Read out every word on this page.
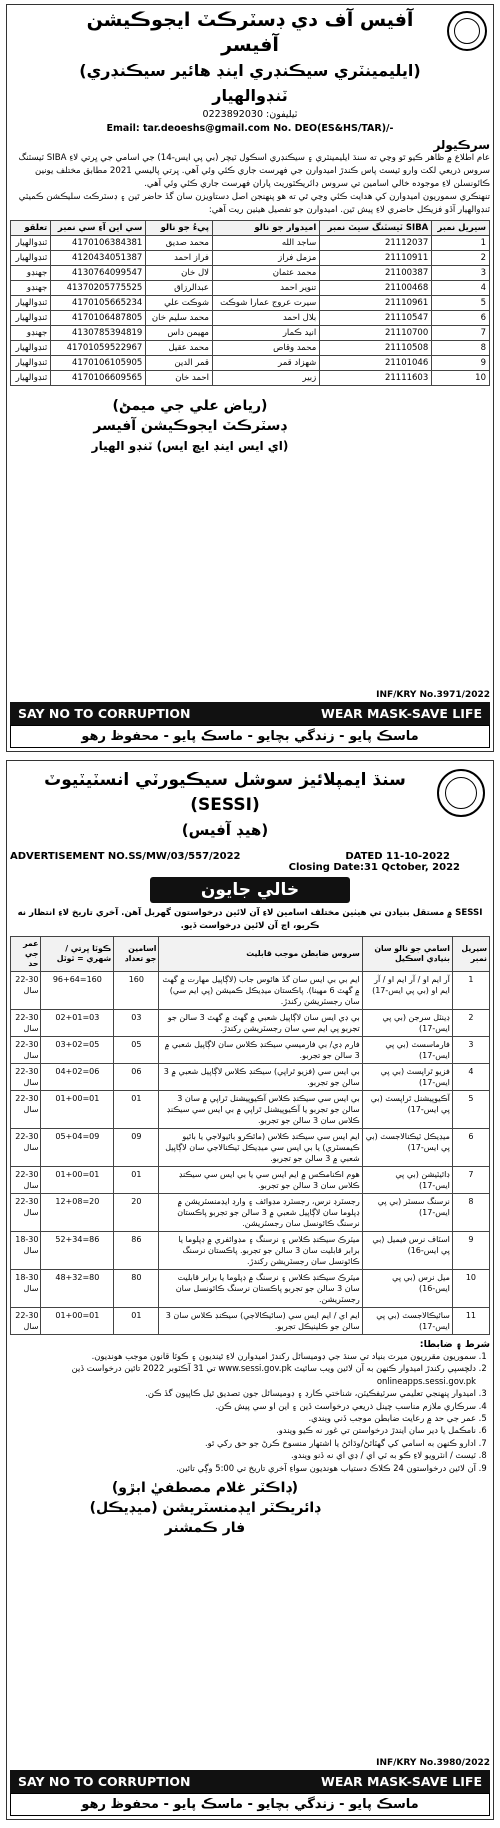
آفيس آف دي ڊسٽرڪٽ ايجوڪيشن آفيسر
(ايليمينٽري سيڪنڊري اينڊ هائير سيڪنڊري)
ٽنڊوالهيار
ٽيليفون: 0223892030
Email: tar.deoeshs@gmail.com No. DEO(ES&HS/TAR)/-
سرڪيولر
عام اطلاع ۾ ظاهر ڪيو ٿو وڃي ته سنڌ ايليمينٽري ۽ سيڪنڊري اسڪول ٽيچر (بي پي ايس-14) جي اسامي جي ڀرتي لاءِ SIBA ٽيسٽنگ سروس ذريعي لکت وارو ٽيسٽ پاس ڪندڙ اميدوارن جي فهرست جاري ڪئي وئي آهي. ڀرتي پاليسي 2021 مطابق مختلف يونين ڪائونسلن لاءِ موجوده خالي اسامين تي سروس ڊائريڪٽوريٽ پاران فهرست جاري ڪئي وئي آهي.
تنهنڪري سموريون اميدوارن کي هدايت ڪئي وڃي ٿي ته هو پنهنجن اصل دستاويزن سان گڏ حاضر ٿين ۽ ڊسٽرڪٽ سليڪشن ڪميٽي ٽنڊوالهيار آڏو فزيڪل حاضري لاءِ پيش ٿين. اميدوارن جو تفصيل هيٺين ريت آهي:
سيريل نمبر	SIBA ٽيسٽنگ سيٽ نمبر	اميدوار جو نالو	پيءُ جو نالو	سي اين آءِ سي نمبر	تعلقو
1	21112037	ساجد الله	محمد صديق	4170106384381	ٽنڊوالهيار
2	21110911	مزمل فراز	فراز احمد	4120434051387	ٽنڊوالهيار
3	21100387	محمد عثمان	لال خان	4130764099547	جهنڊو
4	21100468	تنوير احمد	عبدالرزاق	41370205775525	جهنڊو
5	21110961	سيرت عروج عمارا شوڪت	شوڪت علي	4170105665234	ٽنڊوالهيار
6	21110547	بلال احمد	محمد سليم خان	4170106487805	ٽنڊوالهيار
7	21110700	انيد ڪمار	مهيمن داس	4130785394819	جهنڊو
8	21110508	محمد وقاص	محمد عقيل	41701059522967	ٽنڊوالهيار
9	21101046	شهزاد قمر	قمر الدين	4170106105905	ٽنڊوالهيار
10	21111603	زبير	احمد خان	4170106609565	ٽنڊوالهيار
(رياض علي جي ميمڻ)
ڊسٽرڪٽ ايجوڪيشن آفيسر
(اي ايس اينڊ ايڇ ايس) ٽنڊو الهيار
INF/KRY No.3971/2022
SAY NO TO CORRUPTION	WEAR MASK-SAVE LIFE
ماسڪ پايو - زندگي بچايو - ماسڪ پايو - محفوظ رهو
سنڌ ايمپلائيز سوشل سيڪيورٽي انسٽيٽيوٽ (SESSI)
(هيڊ آفيس)
ADVERTISEMENT NO.SS/MW/03/557/2022	DATED 11-10-2022
Closing Date:31 Qctober, 2022
خالي جايون
SESSI ۾ مستقل بنيادن تي هيٺين مختلف اسامين لاءِ آن لائين درخواستون گهربل آهن. آخري تاريخ لاءِ انتظار نه ڪريو، اڄ آن لائين درخواست ڏيو.
سيريل نمبر	اسامي جو نالو سان بنيادي اسڪيل	سروس ضابطن موجب قابليت	اسامين جو تعداد	ڪوٽا ڀرتي / شهري = ٽوٽل	عمر جي حد
1	آر ايم او / آر ايم او / آر ايم او (بي پي ايس-17)	ايم بي بي ايس سان گڏ هائوس جاب (لاڳاپيل مهارت ۾ گهٽ ۾ گهٽ 6 مهينا). پاڪستان ميڊيڪل ڪميشن (پي ايم سي) سان رجسٽريشن رکندڙ.	160	96+64=160	22-30 سال
2	ڊينٽل سرجن (بي پي ايس-17)	بي ڊي ايس سان لاڳاپيل شعبي ۾ گهٽ ۾ گهٽ 3 سالن جو تجربو پي ايم سي سان رجسٽريشن رکندڙ.	03	02+01=03	22-30 سال
3	فارماسسٽ (بي پي ايس-17)	فارم ڊي/ بي فارميسي سيڪنڊ ڪلاس سان لاڳاپيل شعبي ۾ 3 سالن جو تجربو.	05	03+02=05	22-30 سال
4	فزيو ٿراپسٽ (بي پي ايس-17)	بي ايس سي (فزيو ٿراپي) سيڪنڊ ڪلاس لاڳاپيل شعبي ۾ 3 سالن جو تجربو.	06	04+02=06	22-30 سال
5	آڪيوپيشنل ٿراپسٽ (بي پي ايس-17)	بي ايس سي سيڪنڊ ڪلاس آڪيوپيشنل ٿراپي ۾ سان 3 سالن جو تجربو يا آڪيوپيشنل ٿراپي ۾ بي ايس سي سيڪنڊ ڪلاس سان 3 سالن جو تجربو.	01	01+00=01	22-30 سال
6	ميڊيڪل ٽيڪنالاجسٽ (بي پي ايس-17)	ايم ايس سي سيڪنڊ ڪلاس (مائڪرو بائيولاجي يا بائيو ڪيمسٽري) يا بي ايس سي ميڊيڪل ٽيڪنالاجي سان لاڳاپيل شعبي ۾ 3 سالن جو تجربو.	09	05+04=09	22-30 سال
7	ڊائيٽيشن (بي پي ايس-17)	هوم اڪنامڪس ۾ ايم ايس سي يا بي ايس سي سيڪنڊ ڪلاس سان 3 سالن جو تجربو.	01	01+00=01	22-30 سال
8	نرسنگ سسٽر (بي پي ايس-17)	رجسٽرڊ نرس، رجسٽرڊ مڊوائف ۽ وارڊ ايڊمنسٽريشن ۾ ڊپلوما سان لاڳاپيل شعبي ۾ 3 سالن جو تجربو پاڪستان نرسنگ ڪائونسل سان رجسٽريشن.	20	12+08=20	22-30 سال
9	اسٽاف نرس فيميل (بي پي ايس-16)	ميٽرڪ سيڪنڊ ڪلاس ۽ نرسنگ ۽ مڊوائفري ۾ ڊپلوما يا برابر قابليت سان 3 سالن جو تجربو. پاڪستان نرسنگ ڪائونسل سان رجسٽريشن رکندڙ.	86	52+34=86	18-30 سال
10	ميل نرس (بي پي ايس-16)	ميٽرڪ سيڪنڊ ڪلاس ۽ نرسنگ ۾ ڊپلوما يا برابر قابليت سان 3 سالن جو تجربو پاڪستان نرسنگ ڪائونسل سان رجسٽريشن.	80	48+32=80	18-30 سال
11	سائيڪالاجسٽ (بي پي ايس-17)	ايم اي / ايم ايس سي (سائيڪالاجي) سيڪنڊ ڪلاس سان 3 سالن جو ڪلينيڪل تجربو.	01	01+00=01	22-30 سال
شرط ۽ ضابطا:
1. سموريون مقرريون ميرٽ بنياد تي سنڌ جي ڊوميسائل رکندڙ اميدوارن لاءِ ٿينديون ۽ ڪوٽا قانون موجب هونديون.
2. دلچسپي رکندڙ اميدوار ڪنهن به آن لائين ويب سائيٽ www.sessi.gov.pk تي 31 آڪٽوبر 2022 تائين درخواست ڏين onlineapps.sessi.gov.pk
3. اميدوار پنهنجي تعليمي سرٽيفڪيٽن، شناختي ڪارڊ ۽ ڊوميسائل جون تصديق ٿيل ڪاپيون گڏ ڪن.
4. سرڪاري ملازم مناسب چينل ذريعي درخواست ڏين ۽ اين او سي پيش ڪن.
5. عمر جي حد ۾ رعايت ضابطن موجب ڏني ويندي.
6. نامڪمل يا دير سان ايندڙ درخواستن تي غور نه ڪيو ويندو.
7. ادارو ڪنهن به اسامي کي گهٽائڻ/وڌائڻ يا اشتهار منسوخ ڪرڻ جو حق رکي ٿو.
8. ٽيسٽ / انٽرويو لاءِ ڪو به ٽي اي / ڊي اي نه ڏنو ويندو.
9. آن لائين درخواستون 24 ڪلاڪ دستياب هونديون سواءِ آخري تاريخ تي 5:00 وڳي تائين.
(ڊاڪٽر غلام مصطفيٰ ابڙو)
ڊائريڪٽر ايڊمنسٽريشن (ميڊيڪل)
فار ڪمشنر
INF/KRY No.3980/2022
SAY NO TO CORRUPTION	WEAR MASK-SAVE LIFE
ماسڪ پايو - زندگي بچايو - ماسڪ پايو - محفوظ رهو
